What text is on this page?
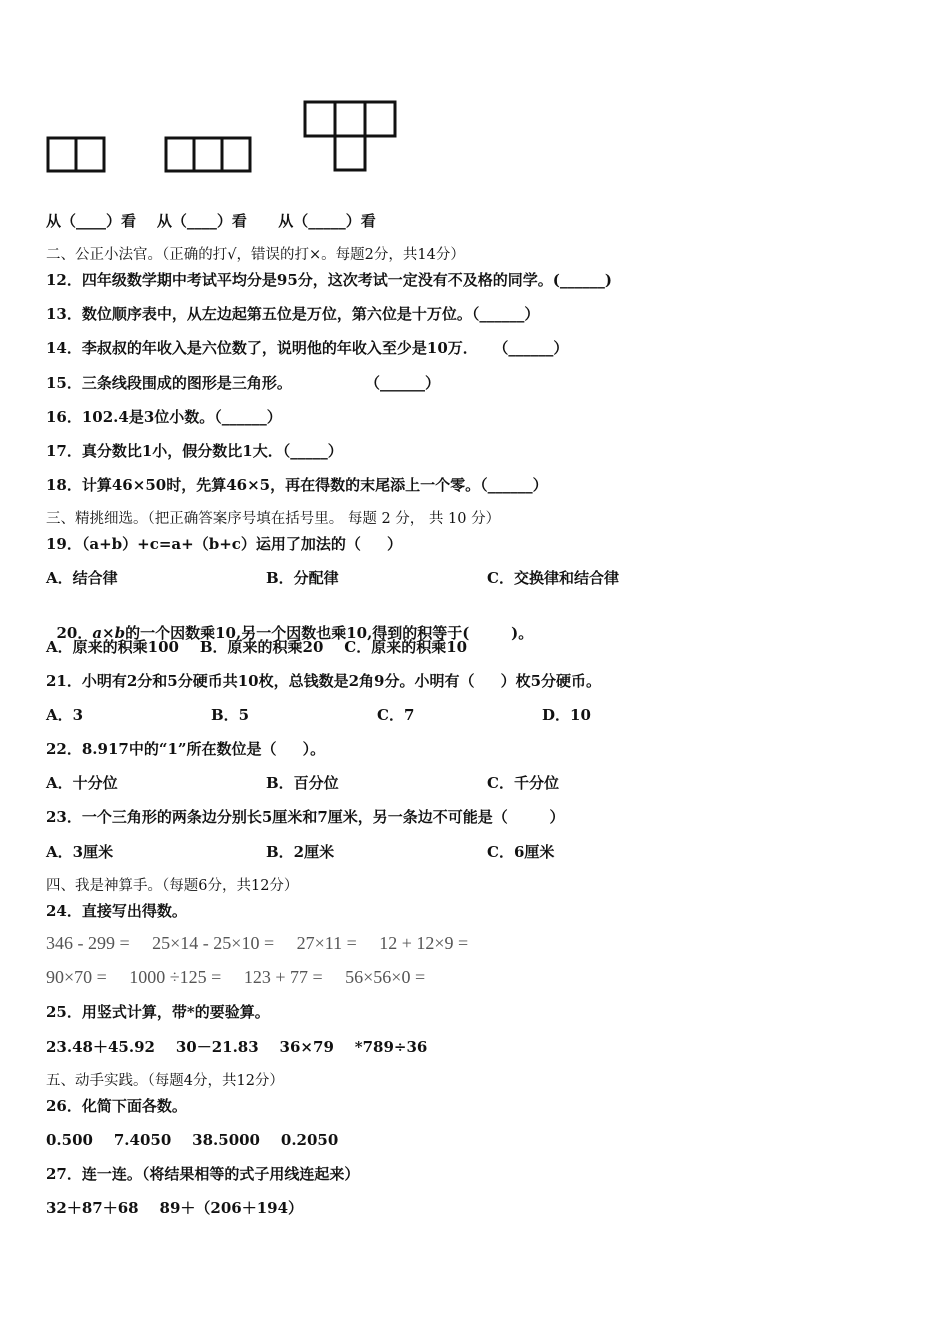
从（____）看    从（____）看      从（_____）看
二、公正小法官。（正确的打√，错误的打×。每题2分，共14分）
12．四年级数学期中考试平均分是95分，这次考试一定没有不及格的同学。(______)
13．数位顺序表中，从左边起第五位是万位，第六位是十万位。（______）
14．李叔叔的年收入是六位数了，说明他的年收入至少是10万．   （______）
15．三条线段围成的图形是三角形。              （______）
16．102.4是3位小数。（______）
17．真分数比1小，假分数比1大．（_____）
18．计算46×50时，先算46×5，再在得数的末尾添上一个零。（______）
三、精挑细选。（把正确答案序号填在括号里。 每题 2 分， 共 10 分）
19．（a+b）+c=a+（b+c）运用了加法的（     ）
A．结合律	B．分配律	C．交换律和结合律

20．a×b的一个因数乘10,另一个因数也乘10,得到的积等于(        )。

A．原来的积乘100    B．原来的积乘20    C．原来的积乘10
21．小明有2分和5分硬币共10枚，总钱数是2角9分。小明有（     ）枚5分硬币。
A．3	B．5	C．7	D．10
22．8.917中的“1”所在数位是（     ）。
A．十分位	B．百分位	C．千分位
23．一个三角形的两条边分别长5厘米和7厘米，另一条边不可能是（        ）
A．3厘米	B．2厘米	C．6厘米
四、我是神算手。（每题6分，共12分）
24．直接写出得数。
346 - 299 =     25×14 - 25×10 =     27×11 =     12 + 12×9 =
90×70 =     1000 ÷125 =     123 + 77 =     56×56×0 =
25．用竖式计算，带*的要验算。
23.48＋45.92    30－21.83    36×79    *789÷36
五、动手实践。（每题4分，共12分）
26．化简下面各数。
0.500    7.4050    38.5000    0.2050
27．连一连。（将结果相等的式子用线连起来）
32＋87＋68    89＋（206＋194）
